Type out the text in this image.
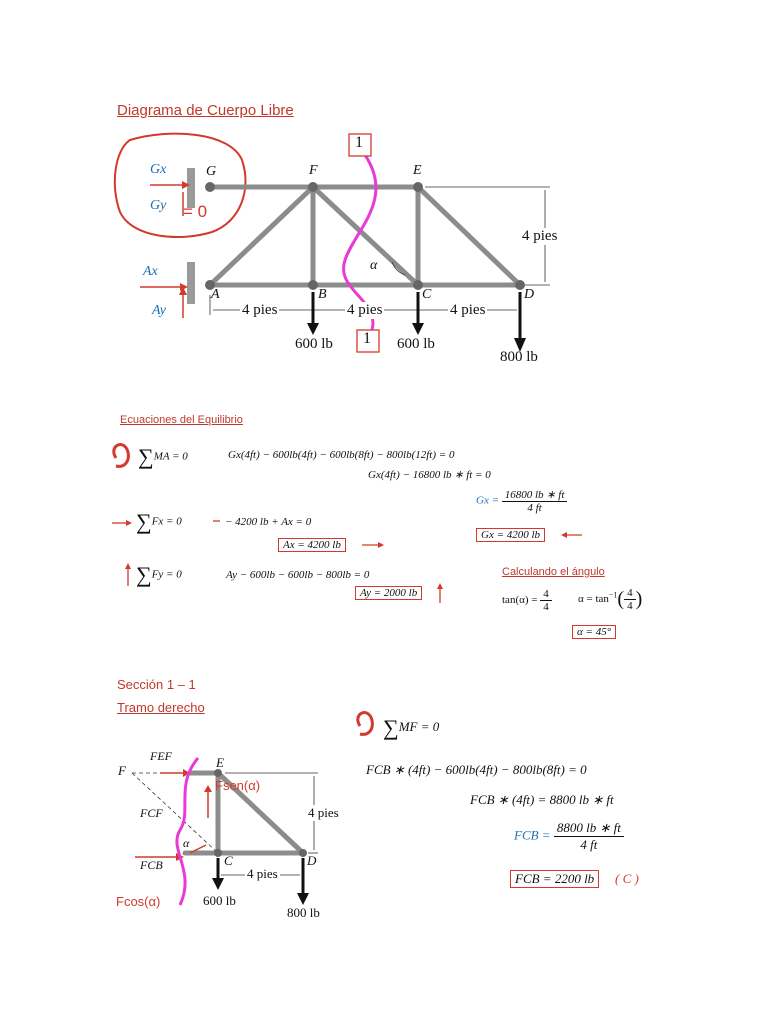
Diagrama de Cuerpo Libre
Ecuaciones del Equilibrio
Sección 1 – 1
Tramo derecho
G	F	E
A	B	C	D
α
4 pies
4 pies	4 pies	4 pies
600 lb	600 lb
800 lb
1
1
Gx
Gy = 0
Ax
Ay
∑MA = 0	Gx(4ft) − 600lb(4ft) − 600lb(8ft) − 800lb(12ft) = 0
Gx(4ft) − 16800 lb ∗ ft = 0
$Gx = \frac{16800 lb ∗ ft}{4 ft}$
Gx = 4200 lb
∑Fx = 0	− 4200 lb + Ax = 0
Ax = 4200 lb
∑Fy = 0	Ay − 600lb − 600lb − 800lb = 0
Ay = 2000 lb
Calculando el ángulo
$\tan(\alpha) = \frac{4}{4}$ $\alpha = \tan^{-1}( \frac{4}{4}$ )
α = 45°
F
E
C	D
FEF
FCF
FCB
α
Fsen(α)
Fcos(α)
4 pies
4 pies
600 lb
800 lb
∑MF = 0
FCB ∗ (4ft) − 600lb(4ft) − 800lb(8ft) = 0
FCB ∗ (4ft) = 8800 lb ∗ ft
FCB = $\frac{8800 lb ∗ ft}{4 ft}$
FCB = 2200 lb	( C )
